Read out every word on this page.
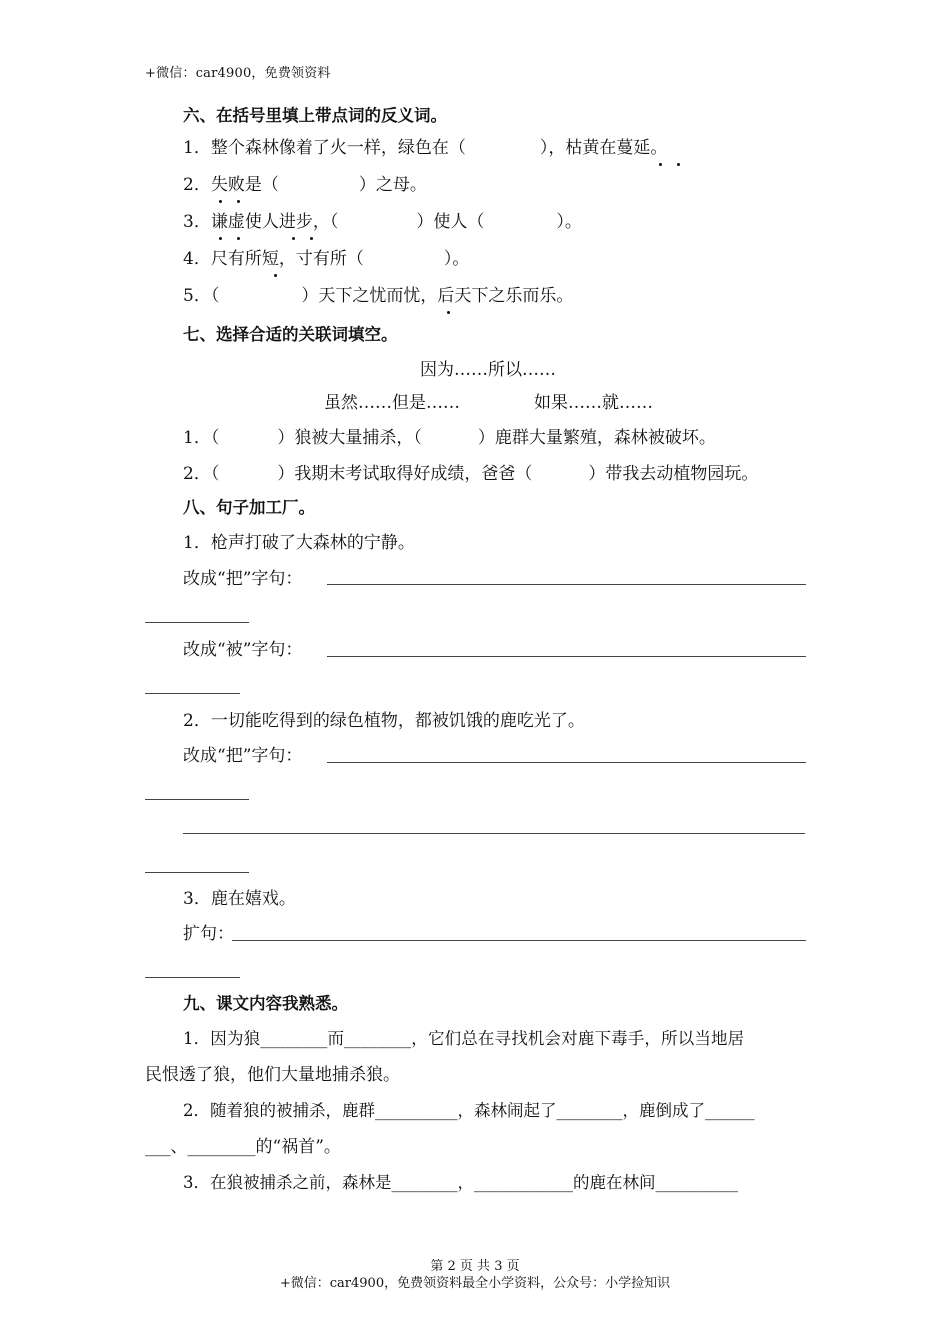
+微信：car4900，免费领资料
六、在括号里填上带点词的反义词。
1．整个森林像着了火一样，绿色在（	），枯黄在蔓延。
2．失败是（	）之母。
3．谦虚使人进步，（	）使人（	）。
4．尺有所短，寸有所（	）。
5．（	）天下之忧而忧，后天下之乐而乐。
七、选择合适的关联词填空。
因为……所以……
虽然……但是……	如果……就……
1．（	）狼被大量捕杀，（	）鹿群大量繁殖，森林被破坏。
2．（	）我期末考试取得好成绩，爸爸（	）带我去动植物园玩。
八、句子加工厂。
1．枪声打破了大森林的宁静。
改成“把”字句：
改成“被”字句：
2．一切能吃得到的绿色植物，都被饥饿的鹿吃光了。
改成“把”字句：
3．鹿在嬉戏。
扩句：
九、课文内容我熟悉。
1．因为狼________而________，它们总在寻找机会对鹿下毒手，所以当地居
民恨透了狼，他们大量地捕杀狼。
2．随着狼的被捕杀，鹿群__________，森林闹起了________，鹿倒成了______
___、________的“祸首”。
3．在狼被捕杀之前，森林是________，____________的鹿在林间__________
第 2 页 共 3 页
+微信：car4900，免费领资料最全小学资料，公众号：小学捡知识
